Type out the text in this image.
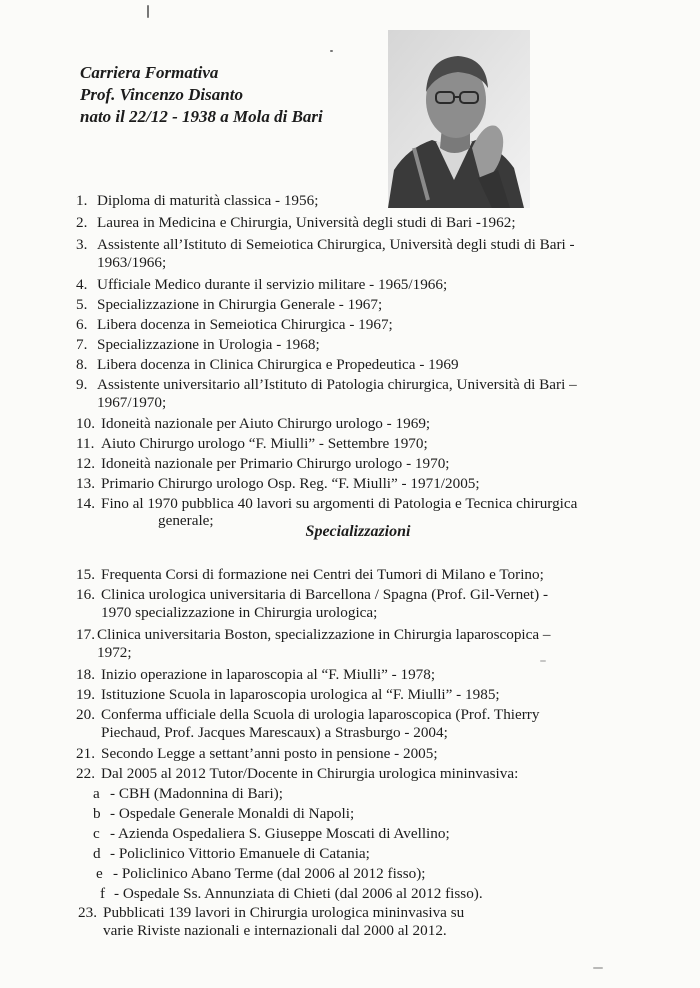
Carriera Formativa
Prof. Vincenzo Disanto
nato il 22/12 - 1938 a Mola di Bari
1. Diploma di maturità classica - 1956;
2. Laurea in Medicina e Chirurgia, Università degli studi di Bari -1962;
3. Assistente all’Istituto di Semeiotica Chirurgica, Università degli studi di Bari -
1963/1966;
4. Ufficiale Medico durante il servizio militare - 1965/1966;
5. Specializzazione in Chirurgia Generale - 1967;
6. Libera docenza in Semeiotica Chirurgica - 1967;
7. Specializzazione in Urologia - 1968;
8. Libera docenza in Clinica Chirurgica e Propedeutica - 1969
9. Assistente universitario all’Istituto di Patologia chirurgica, Università di Bari –
1967/1970;
10. Idoneità nazionale per Aiuto Chirurgo urologo - 1969;
11. Aiuto Chirurgo urologo “F. Miulli” - Settembre 1970;
12. Idoneità nazionale per Primario Chirurgo urologo - 1970;
13. Primario Chirurgo urologo Osp. Reg. “F. Miulli” - 1971/2005;
14. Fino al 1970 pubblica 40 lavori su argomenti di Patologia e Tecnica chirurgica
generale;
Specializzazioni
15. Frequenta Corsi di formazione nei Centri dei Tumori di Milano e Torino;
16. Clinica urologica universitaria di Barcellona / Spagna (Prof. Gil-Vernet) -
1970 specializzazione in Chirurgia urologica;
17. Clinica universitaria Boston, specializzazione in Chirurgia laparoscopica –
1972;
18. Inizio operazione in laparoscopia al “F. Miulli” - 1978;
19. Istituzione Scuola in laparoscopia urologica al “F. Miulli” - 1985;
20. Conferma ufficiale della Scuola di urologia laparoscopica (Prof. Thierry
Piechaud, Prof. Jacques Marescaux) a Strasburgo - 2004;
21. Secondo Legge a settant’anni posto in pensione - 2005;
22. Dal 2005 al 2012 Tutor/Docente in Chirurgia urologica mininvasiva:
a - CBH (Madonnina di Bari);
b - Ospedale Generale Monaldi di Napoli;
c - Azienda Ospedaliera S. Giuseppe Moscati di Avellino;
d - Policlinico Vittorio Emanuele di Catania;
e - Policlinico Abano Terme (dal 2006 al 2012 fisso);
f - Ospedale Ss. Annunziata di Chieti (dal 2006 al 2012 fisso).
23. Pubblicati 139 lavori in Chirurgia urologica mininvasiva su
varie Riviste nazionali e internazionali dal 2000 al 2012.
